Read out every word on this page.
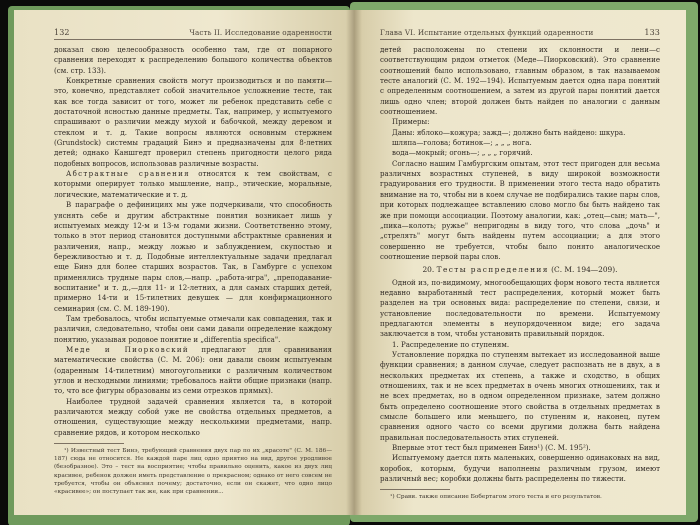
132	Часть II. Исследование одаренности

доказал свою целесообразность особенно там, где от попарного сравнения переходят к распределению большого количества объектов (см. стр. 133).

Конкретные сравнения свойств могут производиться и по памяти—это, конечно, представляет собой значительное усложнение тесте, так как все тогда зависит от того, может ли ребенок представить себе с достаточной ясностью данные предметы. Так, например, у испытуемого спрашивают о различии между мухой и бабочкой, между деревом и стеклом и т. д. Такие вопросы являются основным стержнем (Grundstock) системы градаций Бинэ и предназначены для 8-летних детей; однако Каншгедт проверил степень пригодности целого ряда подобных вопросов, использовав различные возрасты.

Абстрактные сравнения относятся к тем свойствам, с которыми оперирует только мышление, напр., этические, моральные, логические, математические и т. д.

В параграфе о дефинициях мы уже подчеркивали, что способность уяснять себе и другим абстрактные понятия возникает лишь у испытуемых между 12-м и 13-м годами жизни. Соответственно этому, только в этот период становятся доступными абстрактные сравнения и различения, напр., между ложью и заблуждением, скупостью и бережливостью и т. д. Подобные интеллектуальные задачи предлагал еще Бинэ для более старших возрастов. Так, в Гамбурге с успехом применялись трудные пары слов,—напр. „работа-игра", „преподавание-воспитание" и т. д.,—для 11- и 12-летних, а для самых старших детей, примерно 14-ти и 15-тилетних девушек — для конфирмационного семинария (см. С. М. 189-190).

Там требовалось, чтобы испытуемые отмечали как совпадения, так и различия, следовательно, чтобы они сами давали определение каждому понятию, указывая родовое понятие и „differentia specifica".

Меде и Пиорковский предлагают для сравнивания математические свойства (С. М. 206): они давали своим испытуемым (одаренным 14-тилетним) многоугольники с различным количеством углов и несходными линиями; требовалось найти общие признаки (напр. то, что все фигуры образованы из семи отрезков прямых).

Наиболее трудной задачей сравнения является та, в которой различаются между собой уже не свойства отдельных предметов, а отношения, существующие между несколькими предметами, напр. сравнение рядов, и котором несколько

¹) Известный тест Бинэ, требующий сравнения двух пар по их „красоте" (С. М. 186—187) сюда не относится. Не каждой паре лиц одно приятно на вид, другое уродливое (безобразное). Это – тест на восприятие; чтобы правильно оценить, какое из двух лиц красивее, ребенок должен иметь представление о прекрасном; однако от него совсем не требуется, чтобы он объяснил почему; достаточно, если он скажет, что одно лицо «красивее»; он поступает так же, как при сравнении...

Глава VI. Испытание отдельных функций одаренности	133

детей расположены по степени их склонности и лени—с соответствующим рядом отметок (Меде—Пиорковский). Это сравнение соотношений было использовано, главным образом, в так называемом тесте аналогий (С. М. 192—194). Испытуемым дается одна пара понятий с определенным соотношением, а затем из другой пары понятий дается лишь одно член; второй должен быть найден по аналогии с данным соотношением.

Примеры:

Даны: яблоко—кожура; зажд—; должно быть найдено: шкура.

шляпа—голова; ботинок—; „ „ „ нога.

вода—мокрый; огонь—; „ „ „ горячий.

Согласно нашим Гамбургским опытам, этот тест пригоден для весьма различных возрастных ступеней, в виду широкой возможности градуирования его трудности. В применении этого теста надо обратить внимание на то, чтобы ни в коем случае не подбирались такие пары слов, при которых подлежащее вставлению слово могло бы быть найдено так же при помощи ассоциации. Поэтому аналогии, как: „отец—сын; мать—", „пика—колоть; ружье" непригодны в виду того, что слова „дочь" и „стрелять" могут быть найдены путем ассоциации; а для этого совершенно не требуется, чтобы было понято аналогическое соотношение первой пары слов.

20. Тесты распределения (С. М. 194—209).

Одной из, по-видимому, многообещающих форм нового теста является недавно выработанный тест распределения, который может быть разделен на три основных вида: распределение по степени, связи, и установление последовательности по времени. Испытуемому предлагаются элементы в неупорядоченном виде; его задача заключается в том, чтобы установить правильный порядок.

1. Распределение по ступеням.

Установление порядка по ступеням вытекает из исследованной выше функции сравнения; в данном случае, следует распознать не в двух, а в нескольких предметах их степень, а также и сходство, в общих отношениях, так и не всех предметах в очень многих отношениях, так и не всех предметах, но в одном определенном признаке, затем должно быть определено соотношение этого свойства в отдельных предметах в смысле большего или меньшего, по ступеням и, наконец, путем сравнения одного часто со всеми другими должна быть найдена правильная последовательность этих ступеней.

Впервые этот тест был применен Бинэ¹) (С. М. 195²).

Испытуемому дается пять маленьких, совершенно одинаковых на вид, коробок, которым, будучи наполнены различным грузом, имеют различный вес; коробки должны быть распределены по тяжести.

¹) Срави. также описание Бобертагом этого теста и его результатов.
